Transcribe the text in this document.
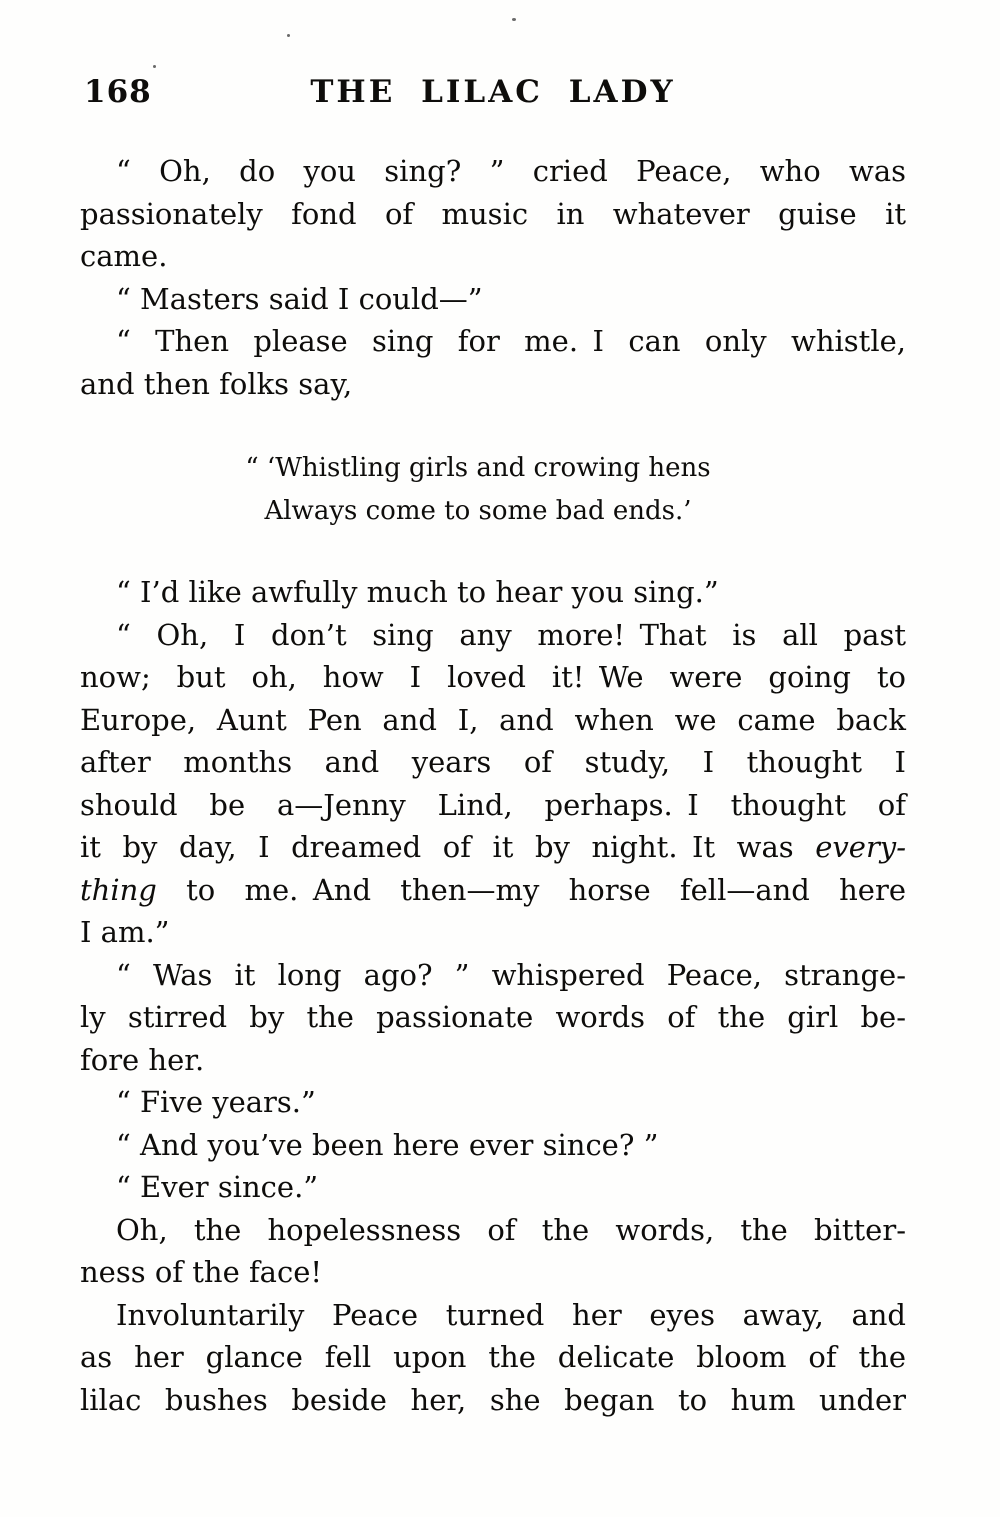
168	THE LILAC LADY
“ Oh, do you sing? ” cried Peace, who was
passionately fond of music in whatever guise it
came.
“ Masters said I could—”
“ Then please sing for me. I can only whistle,
and then folks say,
“ ‘Whistling girls and crowing hens
Always come to some bad ends.’
“ I’d like awfully much to hear you sing.”
“ Oh, I don’t sing any more! That is all past
now; but oh, how I loved it! We were going to
Europe, Aunt Pen and I, and when we came back
after months and years of study, I thought I
should be a—Jenny Lind, perhaps. I thought of
it by day, I dreamed of it by night. It was every-
thing to me. And then—my horse fell—and here
I am.”
“ Was it long ago? ” whispered Peace, strange-
ly stirred by the passionate words of the girl be-
fore her.
“ Five years.”
“ And you’ve been here ever since? ”
“ Ever since.”
Oh, the hopelessness of the words, the bitter-
ness of the face!
Involuntarily Peace turned her eyes away, and
as her glance fell upon the delicate bloom of the
lilac bushes beside her, she began to hum under
